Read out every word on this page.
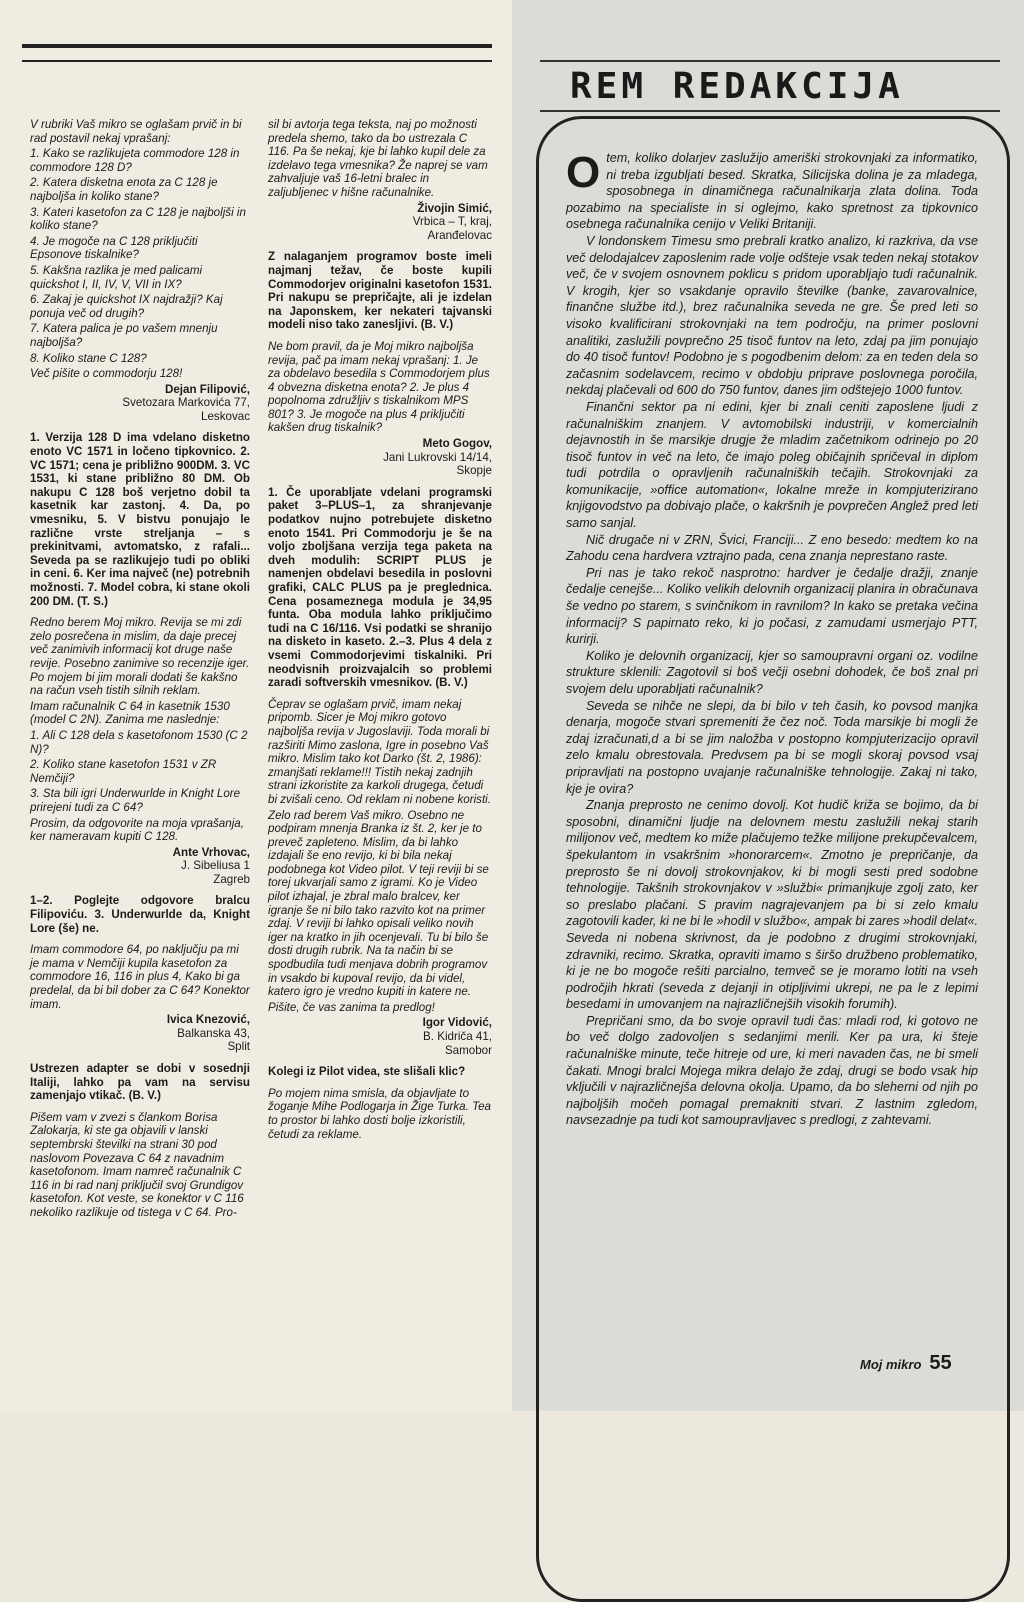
V rubriki Vaš mikro se oglašam prvič in bi rad postavil nekaj vprašanj:

1. Kako se razlikujeta commodore 128 in commodore 128 D?

2. Katera disketna enota za C 128 je najboljša in koliko stane?

3. Kateri kasetofon za C 128 je najboljši in koliko stane?

4. Je mogoče na C 128 priključiti Epsonove tiskalnike?

5. Kakšna razlika je med palicami quickshot I, II, IV, V, VII in IX?

6. Zakaj je quickshot IX najdražji? Kaj ponuja več od drugih?

7. Katera palica je po vašem mnenju najboljša?

8. Koliko stane C 128?

Več pišite o commodorju 128!

Dejan Filipović,
Svetozara Markovića 77,
Leskovac

1. Verzija 128 D ima vdelano disketno enoto VC 1571 in ločeno tipkovnico. 2. VC 1571; cena je približno 900DM. 3. VC 1531, ki stane približno 80 DM. Ob nakupu C 128 boš verjetno dobil ta kasetnik kar zastonj. 4. Da, po vmesniku, 5. V bistvu ponujajo le različne vrste streljanja – s prekinitvami, avtomatsko, z rafali... Seveda pa se razlikujejo tudi po obliki in ceni. 6. Ker ima največ (ne) potrebnih možnosti. 7. Model cobra, ki stane okoli 200 DM. (T. S.)

Redno berem Moj mikro. Revija se mi zdi zelo posrečena in mislim, da daje precej več zanimivih informacij kot druge naše revije. Posebno zanimive so recenzije iger. Po mojem bi jim morali dodati še kakšno na račun vseh tistih silnih reklam.

Imam računalnik C 64 in kasetnik 1530 (model C 2N). Zanima me naslednje:

1. Ali C 128 dela s kasetofonom 1530 (C 2 N)?

2. Koliko stane kasetofon 1531 v ZR Nemčiji?

3. Sta bili igri Underwurlde in Knight Lore prirejeni tudi za C 64?

Prosim, da odgovorite na moja vprašanja, ker nameravam kupiti C 128.

Ante Vrhovac,
J. Sibeliusa 1
Zagreb

1–2. Poglejte odgovore bralcu Filipoviću. 3. Underwurlde da, Knight Lore (še) ne.

Imam commodore 64, po naključju pa mi je mama v Nemčiji kupila kasetofon za commodore 16, 116 in plus 4, Kako bi ga predelal, da bi bil dober za C 64? Konektor imam.

Ivica Knezović,
Balkanska 43,
Split

Ustrezen adapter se dobi v sosednji Italiji, lahko pa vam na servisu zamenjajo vtikač. (B. V.)

Pišem vam v zvezi s člankom Borisa Zalokarja, ki ste ga objavili v lanski septembrski številki na strani 30 pod naslovom Povezava C 64 z navadnim kasetofonom. Imam namreč računalnik C 116 in bi rad nanj priključil svoj Grundigov kasetofon. Kot veste, se konektor v C 116 nekoliko razlikuje od tistega v C 64. Pro-

sil bi avtorja tega teksta, naj po možnosti predela shemo, tako da bo ustrezala C 116. Pa še nekaj, kje bi lahko kupil dele za izdelavo tega vmesnika? Že naprej se vam zahvaljuje vaš 16-letni bralec in zaljubljenec v hišne računalnike.

Živojin Simić,
Vrbica – T, kraj,
Aranđelovac

Z nalaganjem programov boste imeli najmanj težav, če boste kupili Commodorjev originalni kasetofon 1531. Pri nakupu se prepričajte, ali je izdelan na Japonskem, ker nekateri tajvanski modeli niso tako zanesljivi. (B. V.)

Ne bom pravil, da je Moj mikro najboljša revija, pač pa imam nekaj vprašanj: 1. Je za obdelavo besedila s Commodorjem plus 4 obvezna disketna enota? 2. Je plus 4 popolnoma združljiv s tiskalnikom MPS 801? 3. Je mogoče na plus 4 priključiti kakšen drug tiskalnik?

Meto Gogov,
Jani Lukrovski 14/14,
Skopje

1. Če uporabljate vdelani programski paket 3–PLUS–1, za shranjevanje podatkov nujno potrebujete disketno enoto 1541. Pri Commodorju je še na voljo zboljšana verzija tega paketa na dveh modulih: SCRIPT PLUS je namenjen obdelavi besedila in poslovni grafiki, CALC PLUS pa je preglednica. Cena posameznega modula je 34,95 funta. Oba modula lahko priključimo tudi na C 16/116. Vsi podatki se shranijo na disketo in kaseto. 2.–3. Plus 4 dela z vsemi Commodorjevimi tiskalniki. Pri neodvisnih proizvajalcih so problemi zaradi softverskih vmesnikov. (B. V.)

Čeprav se oglašam prvič, imam nekaj pripomb. Sicer je Moj mikro gotovo najboljša revija v Jugoslaviji. Toda morali bi razširiti Mimo zaslona, Igre in posebno Vaš mikro. Mislim tako kot Darko (št. 2, 1986): zmanjšati reklame!!! Tistih nekaj zadnjih strani izkoristite za karkoli drugega, četudi bi zvišali ceno. Od reklam ni nobene koristi.

Zelo rad berem Vaš mikro. Osebno ne podpiram mnenja Branka iz št. 2, ker je to preveč zapleteno. Mislim, da bi lahko izdajali še eno revijo, ki bi bila nekaj podobnega kot Video pilot. V teji reviji bi se torej ukvarjali samo z igrami. Ko je Video pilot izhajal, je zbral malo bralcev, ker igranje še ni bilo tako razvito kot na primer zdaj. V reviji bi lahko opisali veliko novih iger na kratko in jih ocenjevali. Tu bi bilo še dosti drugih rubrik. Na ta način bi se spodbudila tudi menjava dobrih programov in vsakdo bi kupoval revijo, da bi videl, katero igro je vredno kupiti in katere ne.

Pišite, če vas zanima ta predlog!

Igor Vidović,
B. Kidriča 41,
Samobor

Kolegi iz Pilot videa, ste slišali klic?

Po mojem nima smisla, da objavljate to žoganje Mihe Podlogarja in Žige Turka. Tea to prostor bi lahko dosti bolje izkoristili, četudi za reklame.

REM REDAKCIJA

Otem, koliko dolarjev zaslužijo ameriški strokovnjaki za informatiko, ni treba izgubljati besed. Skratka, Silicijska dolina je za mladega, sposobnega in dinamičnega računalnikarja zlata dolina. Toda pozabimo na specialiste in si oglejmo, kako spretnost za tipkovnico osebnega računalnika cenijo v Veliki Britaniji.

V londonskem Timesu smo prebrali kratko analizo, ki razkriva, da vse več delodajalcev zaposlenim rade volje odšteje vsak teden nekaj stotakov več, če v svojem osnovnem poklicu s pridom uporabljajo tudi računalnik. V krogih, kjer so vsakdanje opravilo številke (banke, zavarovalnice, finančne službe itd.), brez računalnika seveda ne gre. Še pred leti so visoko kvalificirani strokovnjaki na tem področju, na primer poslovni analitiki, zaslužili povprečno 25 tisoč funtov na leto, zdaj pa jim ponujajo do 40 tisoč funtov! Podobno je s pogodbenim delom: za en teden dela so začasnim sodelavcem, recimo v obdobju priprave poslovnega poročila, nekdaj plačevali od 600 do 750 funtov, danes jim odštejejo 1000 funtov.

Finančni sektor pa ni edini, kjer bi znali ceniti zaposlene ljudi z računalniškim znanjem. V avtomobilski industriji, v komercialnih dejavnostih in še marsikje drugje že mladim začetnikom odrinejo po 20 tisoč funtov in več na leto, če imajo poleg običajnih spričeval in diplom tudi potrdila o opravljenih računalniških tečajih. Strokovnjaki za komunikacije, »office automation«, lokalne mreže in kompjuterizirano knjigovodstvo pa dobivajo plače, o kakršnih je povprečen Anglež pred leti samo sanjal.

Nič drugače ni v ZRN, Švici, Franciji... Z eno besedo: medtem ko na Zahodu cena hardvera vztrajno pada, cena znanja neprestano raste.

Pri nas je tako rekoč nasprotno: hardver je čedalje dražji, znanje čedalje cenejše... Koliko velikih delovnih organizacij planira in obračunava še vedno po starem, s svinčnikom in ravnilom? In kako se pretaka večina informacij? S papirnato reko, ki jo počasi, z zamudami usmerjajo PTT, kurirji.

Koliko je delovnih organizacij, kjer so samoupravni organi oz. vodilne strukture sklenili: Zagotovil si boš večji osebni dohodek, če boš znal pri svojem delu uporabljati računalnik?

Seveda se nihče ne slepi, da bi bilo v teh časih, ko povsod manjka denarja, mogoče stvari spremeniti že čez noč. Toda marsikje bi mogli že zdaj izračunati,d a bi se jim naložba v postopno kompjuterizacijo opravil zelo kmalu obrestovala. Predvsem pa bi se mogli skoraj povsod vsaj pripravljati na postopno uvajanje računalniške tehnologije. Zakaj ni tako, kje je ovira?

Znanja preprosto ne cenimo dovolj. Kot hudič križa se bojimo, da bi sposobni, dinamični ljudje na delovnem mestu zaslužili nekaj starih milijonov več, medtem ko miže plačujemo težke milijone prekupčevalcem, špekulantom in vsakršnim »honorarcem«. Zmotno je prepričanje, da preprosto še ni dovolj strokovnjakov, ki bi mogli sesti pred sodobne tehnologije. Takšnih strokovnjakov v »službi« primanjkuje zgolj zato, ker so preslabo plačani. S pravim nagrajevanjem pa bi si zelo kmalu zagotovili kader, ki ne bi le »hodil v službo«, ampak bi zares »hodil delat«. Seveda ni nobena skrivnost, da je podobno z drugimi strokovnjaki, zdravniki, recimo. Skratka, opraviti imamo s širšo družbeno problematiko, ki je ne bo mogoče rešiti parcialno, temveč se je moramo lotiti na vseh področjih hkrati (seveda z dejanji in otipljivimi ukrepi, ne pa le z lepimi besedami in umovanjem na najrazličnejših visokih forumih).

Prepričani smo, da bo svoje opravil tudi čas: mladi rod, ki gotovo ne bo več dolgo zadovoljen s sedanjimi merili. Ker pa ura, ki šteje računalniške minute, teče hitreje od ure, ki meri navaden čas, ne bi smeli čakati. Mnogi bralci Mojega mikra delajo že zdaj, drugi se bodo vsak hip vključili v najrazličnejša delovna okolja. Upamo, da bo sleherni od njih po najboljših močeh pomagal premakniti stvari. Z lastnim zgledom, navsezadnje pa tudi kot samoupravljavec s predlogi, z zahtevami.

Moj mikro 55
